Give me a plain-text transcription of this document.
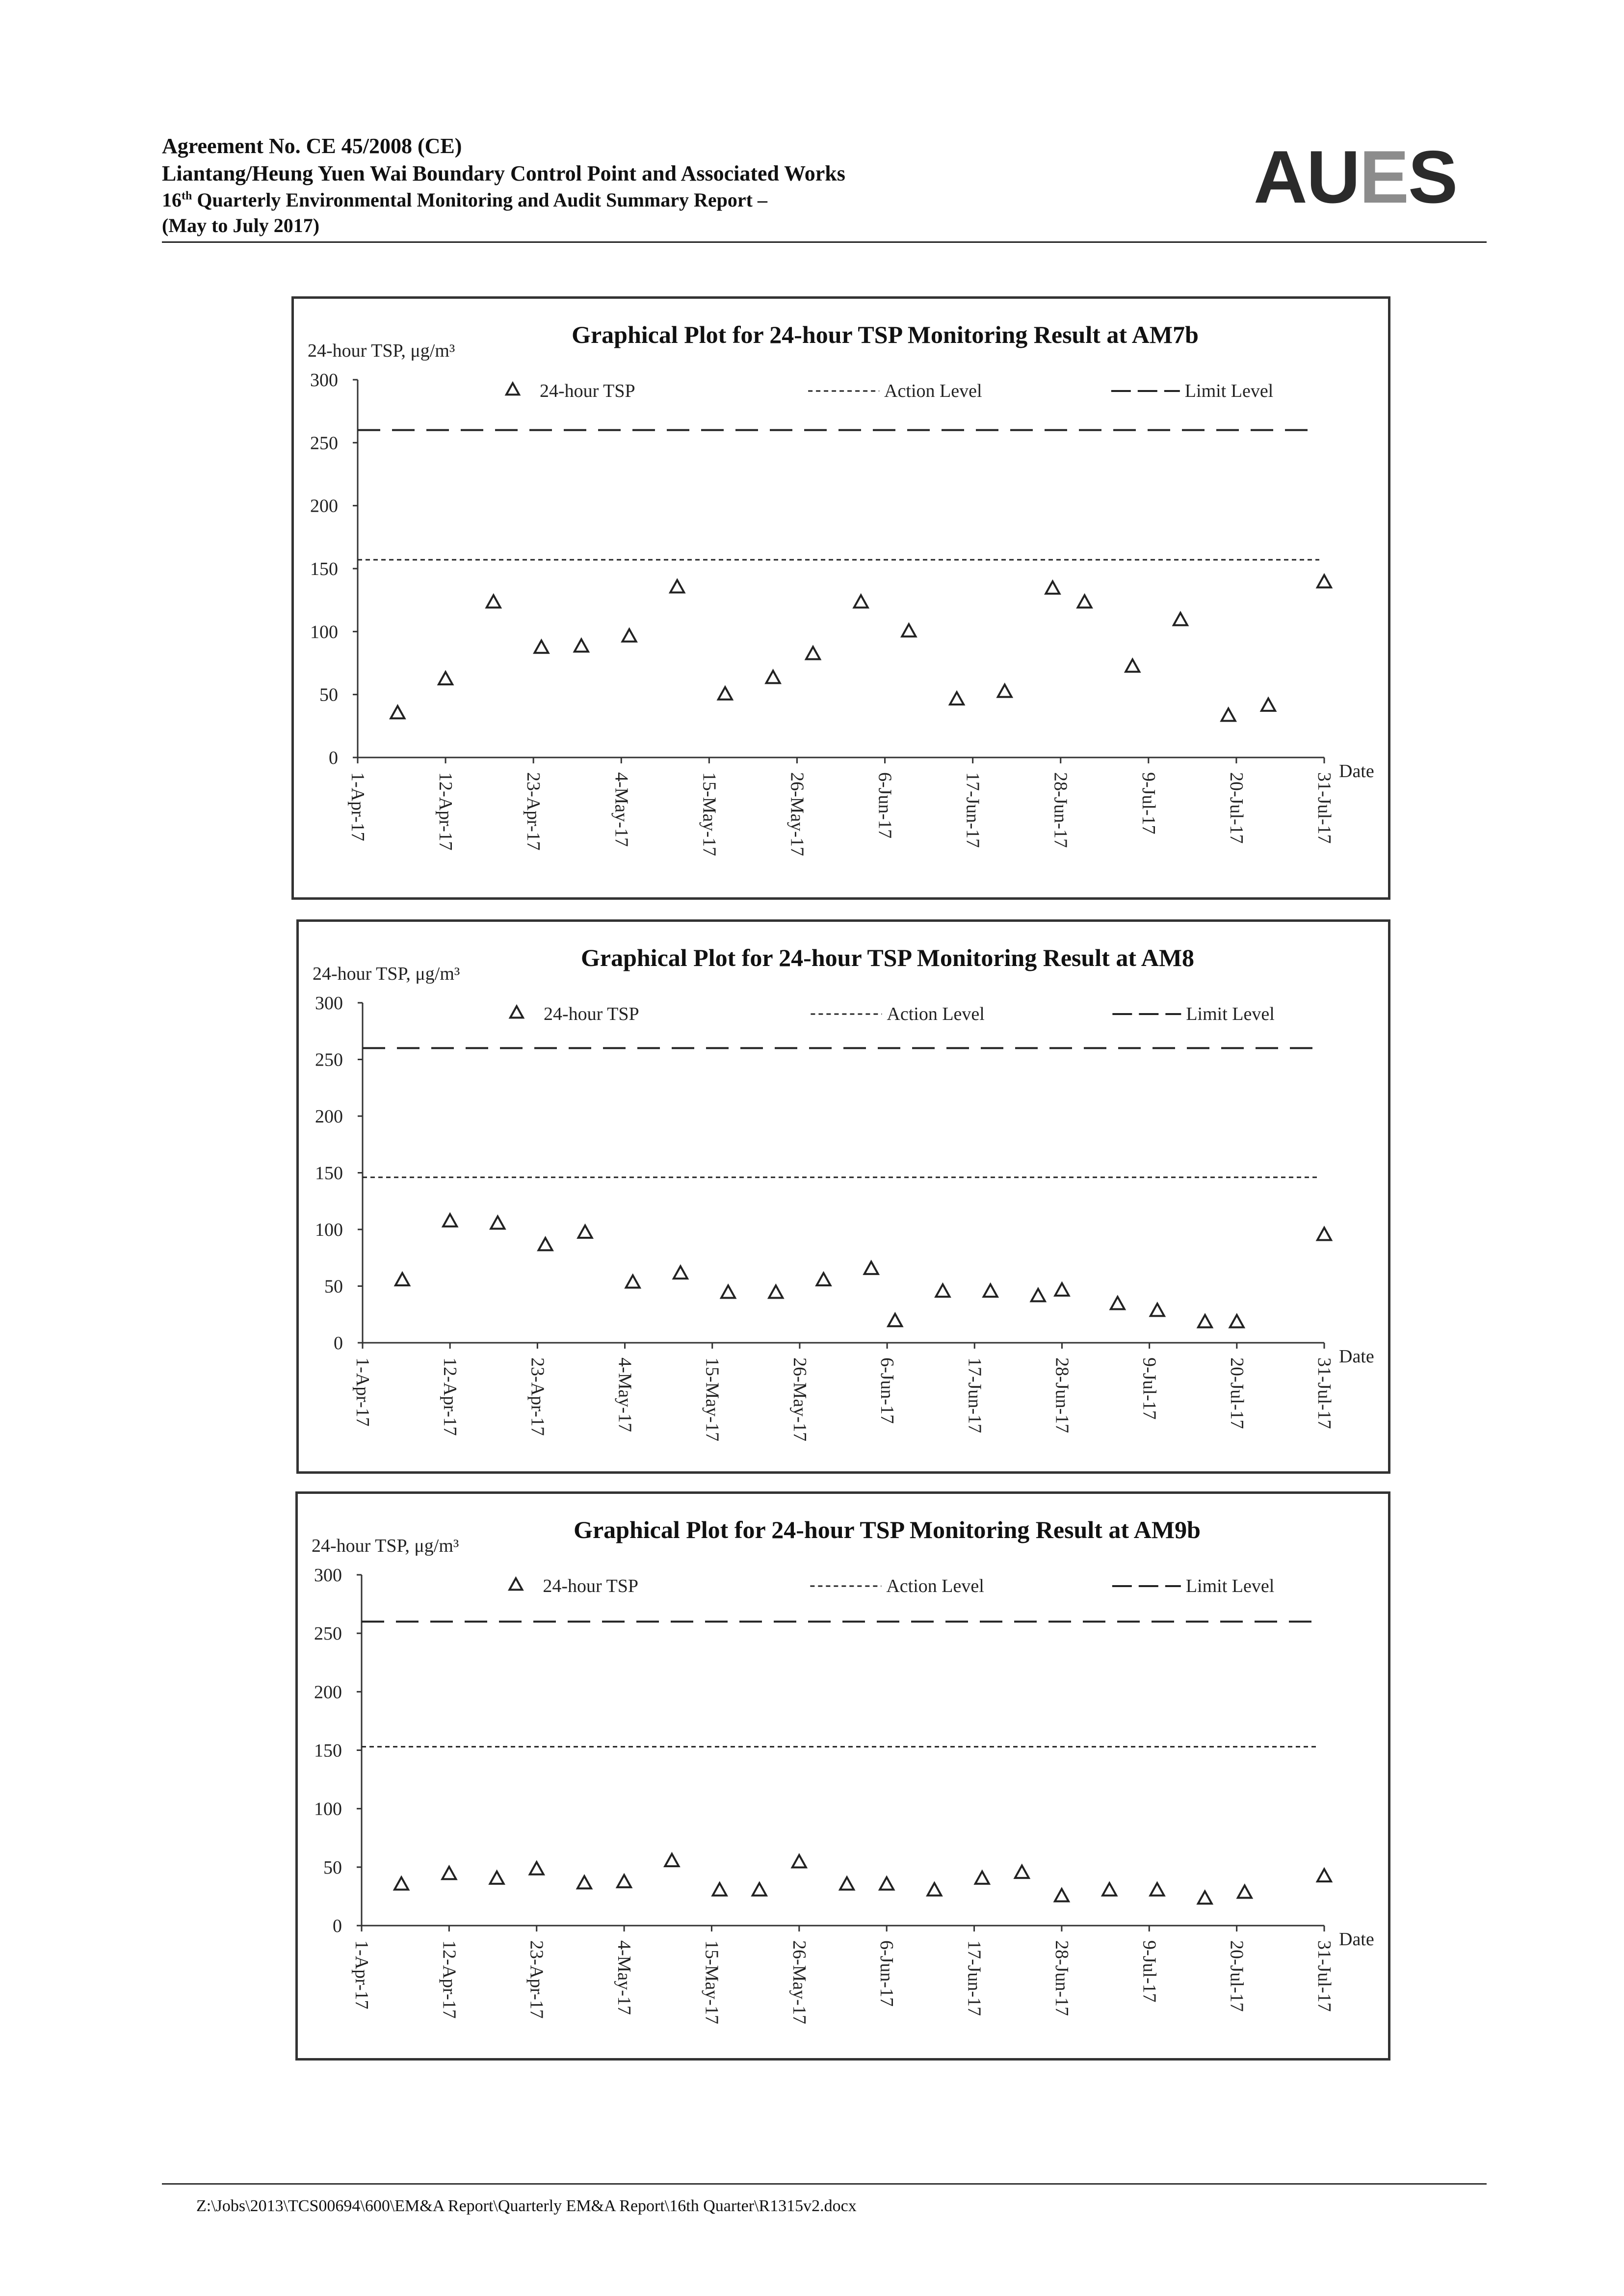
Agreement No. CE 45/2008 (CE)
Liantang/Heung Yuen Wai Boundary Control Point and Associated Works
16th Quarterly Environmental Monitoring and Audit Summary Report –
(May to July 2017)
AUES
Graphical Plot for 24-hour TSP Monitoring Result at AM7b
24-hour TSP, μg/m³
Date
0
50
100
150
200
250
300
1-Apr-17	12-Apr-17	23-Apr-17	4-May-17	15-May-17	26-May-17	6-Jun-17	17-Jun-17	28-Jun-17	9-Jul-17	20-Jul-17	31-Jul-17
24-hour TSP	Action Level	Limit Level
Graphical Plot for 24-hour TSP Monitoring Result at AM8
24-hour TSP, μg/m³
Date
0
50
100
150
200
250
300
1-Apr-17	12-Apr-17	23-Apr-17	4-May-17	15-May-17	26-May-17	6-Jun-17	17-Jun-17	28-Jun-17	9-Jul-17	20-Jul-17	31-Jul-17
24-hour TSP	Action Level	Limit Level
Graphical Plot for 24-hour TSP Monitoring Result at AM9b
24-hour TSP, μg/m³
Date
0
50
100
150
200
250
300
1-Apr-17	12-Apr-17	23-Apr-17	4-May-17	15-May-17	26-May-17	6-Jun-17	17-Jun-17	28-Jun-17	9-Jul-17	20-Jul-17	31-Jul-17
24-hour TSP	Action Level	Limit Level
Z:\Jobs\2013\TCS00694\600\EM&A Report\Quarterly EM&A Report\16th Quarter\R1315v2.docx
